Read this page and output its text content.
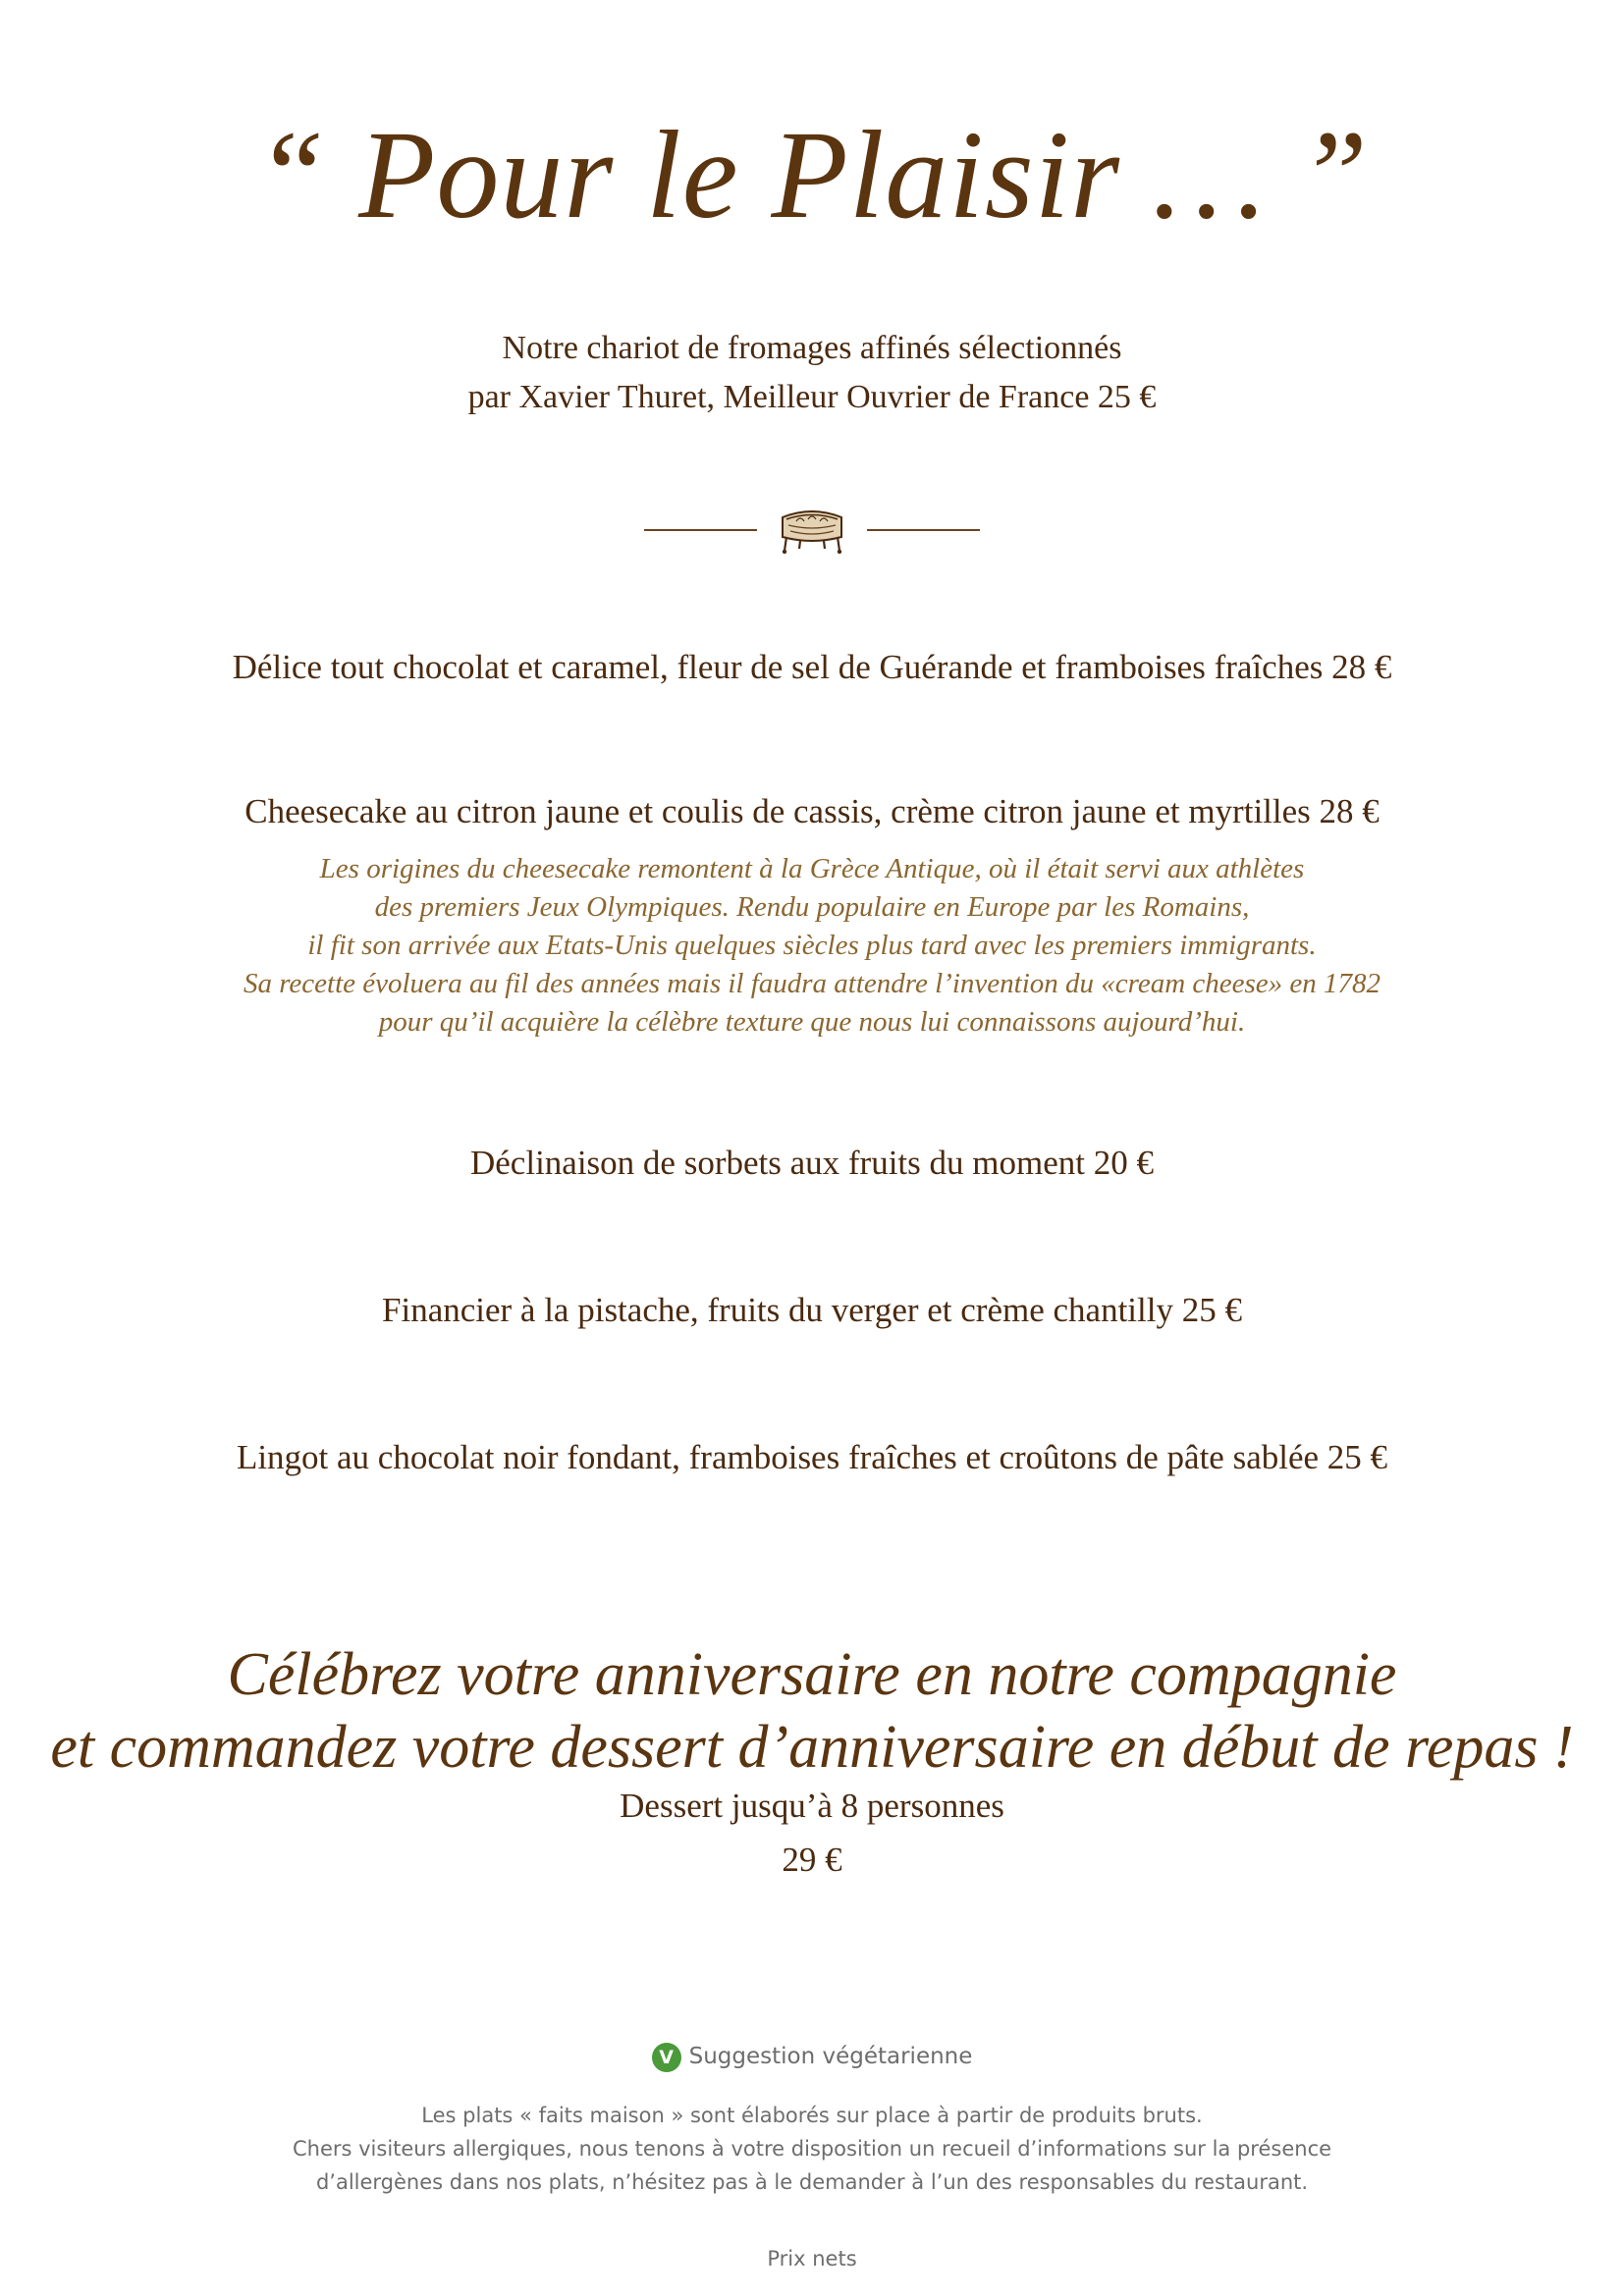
“ Pour le Plaisir … ”
Notre chariot de fromages affinés sélectionnés
par Xavier Thuret, Meilleur Ouvrier de France 25 €
Délice tout chocolat et caramel, fleur de sel de Guérande et framboises fraîches 28 €
Cheesecake au citron jaune et coulis de cassis, crème citron jaune et myrtilles 28 €
Les origines du cheesecake remontent à la Grèce Antique, où il était servi aux athlètes
des premiers Jeux Olympiques. Rendu populaire en Europe par les Romains,
il fit son arrivée aux Etats-Unis quelques siècles plus tard avec les premiers immigrants.
Sa recette évoluera au fil des années mais il faudra attendre l’invention du «cream cheese» en 1782
pour qu’il acquière la célèbre texture que nous lui connaissons aujourd’hui.
Déclinaison de sorbets aux fruits du moment 20 €
Financier à la pistache, fruits du verger et crème chantilly 25 €
Lingot au chocolat noir fondant, framboises fraîches et croûtons de pâte sablée 25 €
Célébrez votre anniversaire en notre compagnie
et commandez votre dessert d’anniversaire en début de repas !
Dessert jusqu’à 8 personnes
29 €
V Suggestion végétarienne
Les plats « faits maison » sont élaborés sur place à partir de produits bruts.
Chers visiteurs allergiques, nous tenons à votre disposition un recueil d’informations sur la présence
d’allergènes dans nos plats, n’hésitez pas à le demander à l’un des responsables du restaurant.
Prix nets
